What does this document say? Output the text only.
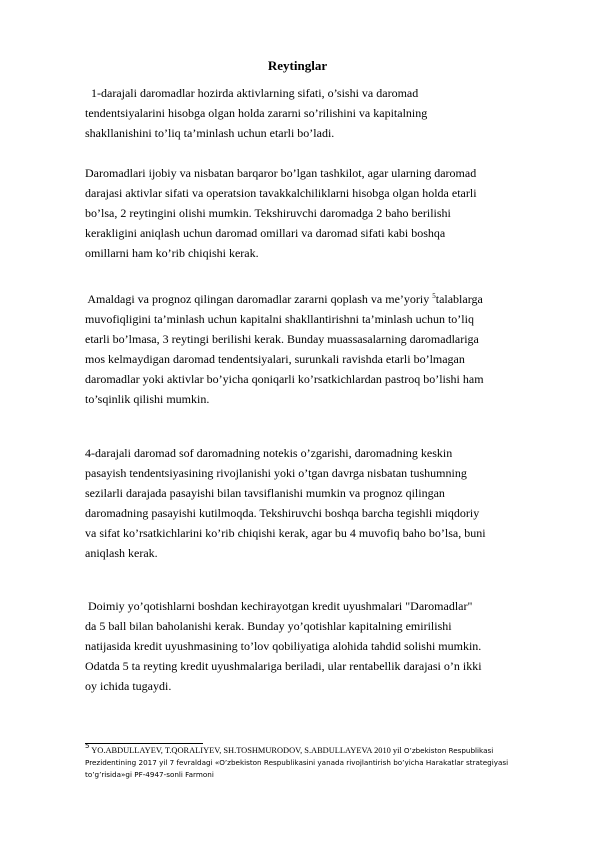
Reytinglar
1-darajali daromadlar hozirda aktivlarning sifati, o’sishi va daromad
tendentsiyalarini hisobga olgan holda zararni so’rilishini va kapitalning
shakllanishini to’liq ta’minlash uchun etarli bo’ladi.
Daromadlari ijobiy va nisbatan barqaror bo’lgan tashkilot, agar ularning daromad
darajasi aktivlar sifati va operatsion tavakkalchiliklarni hisobga olgan holda etarli
bo’lsa, 2 reytingini olishi mumkin. Tekshiruvchi daromadga 2 baho berilishi
kerakligini aniqlash uchun daromad omillari va daromad sifati kabi boshqa
omillarni ham ko’rib chiqishi kerak.
Amaldagi va prognoz qilingan daromadlar zararni qoplash va me’yoriy $^5$talablarga
muvofiqligini ta’minlash uchun kapitalni shakllantirishni ta’minlash uchun to’liq
etarli bo’lmasa, 3 reytingi berilishi kerak. Bunday muassasalarning daromadlariga
mos kelmaydigan daromad tendentsiyalari, surunkali ravishda etarli bo’lmagan
daromadlar yoki aktivlar bo’yicha qoniqarli ko’rsatkichlardan pastroq bo’lishi ham
to’sqinlik qilishi mumkin.
4-darajali daromad sof daromadning notekis o’zgarishi, daromadning keskin
pasayish tendentsiyasining rivojlanishi yoki o’tgan davrga nisbatan tushumning
sezilarli darajada pasayishi bilan tavsiflanishi mumkin va prognoz qilingan
daromadning pasayishi kutilmoqda. Tekshiruvchi boshqa barcha tegishli miqdoriy
va sifat ko’rsatkichlarini ko’rib chiqishi kerak, agar bu 4 muvofiq baho bo’lsa, buni
aniqlash kerak.
Doimiy yo’qotishlarni boshdan kechirayotgan kredit uyushmalari "Daromadlar"
da 5 ball bilan baholanishi kerak. Bunday yo’qotishlar kapitalning emirilishi
natijasida kredit uyushmasining to’lov qobiliyatiga alohida tahdid solishi mumkin.
Odatda 5 ta reyting kredit uyushmalariga beriladi, ular rentabellik darajasi o’n ikki
oy ichida tugaydi.
$^5$ YO.ABDULLAYEV, T.QORALIYEV, SH.TOSHMURODOV, S.ABDULLAYEVA 2010 yil O’zbekiston Respublikasi
Prezidentining 2017 yil 7 fevraldagi «O’zbekiston Respublikasini yanada rivojlantirish bo’yicha Harakatlar strategiyasi
to’g’risida»gi PF-4947-sonli Farmoni
